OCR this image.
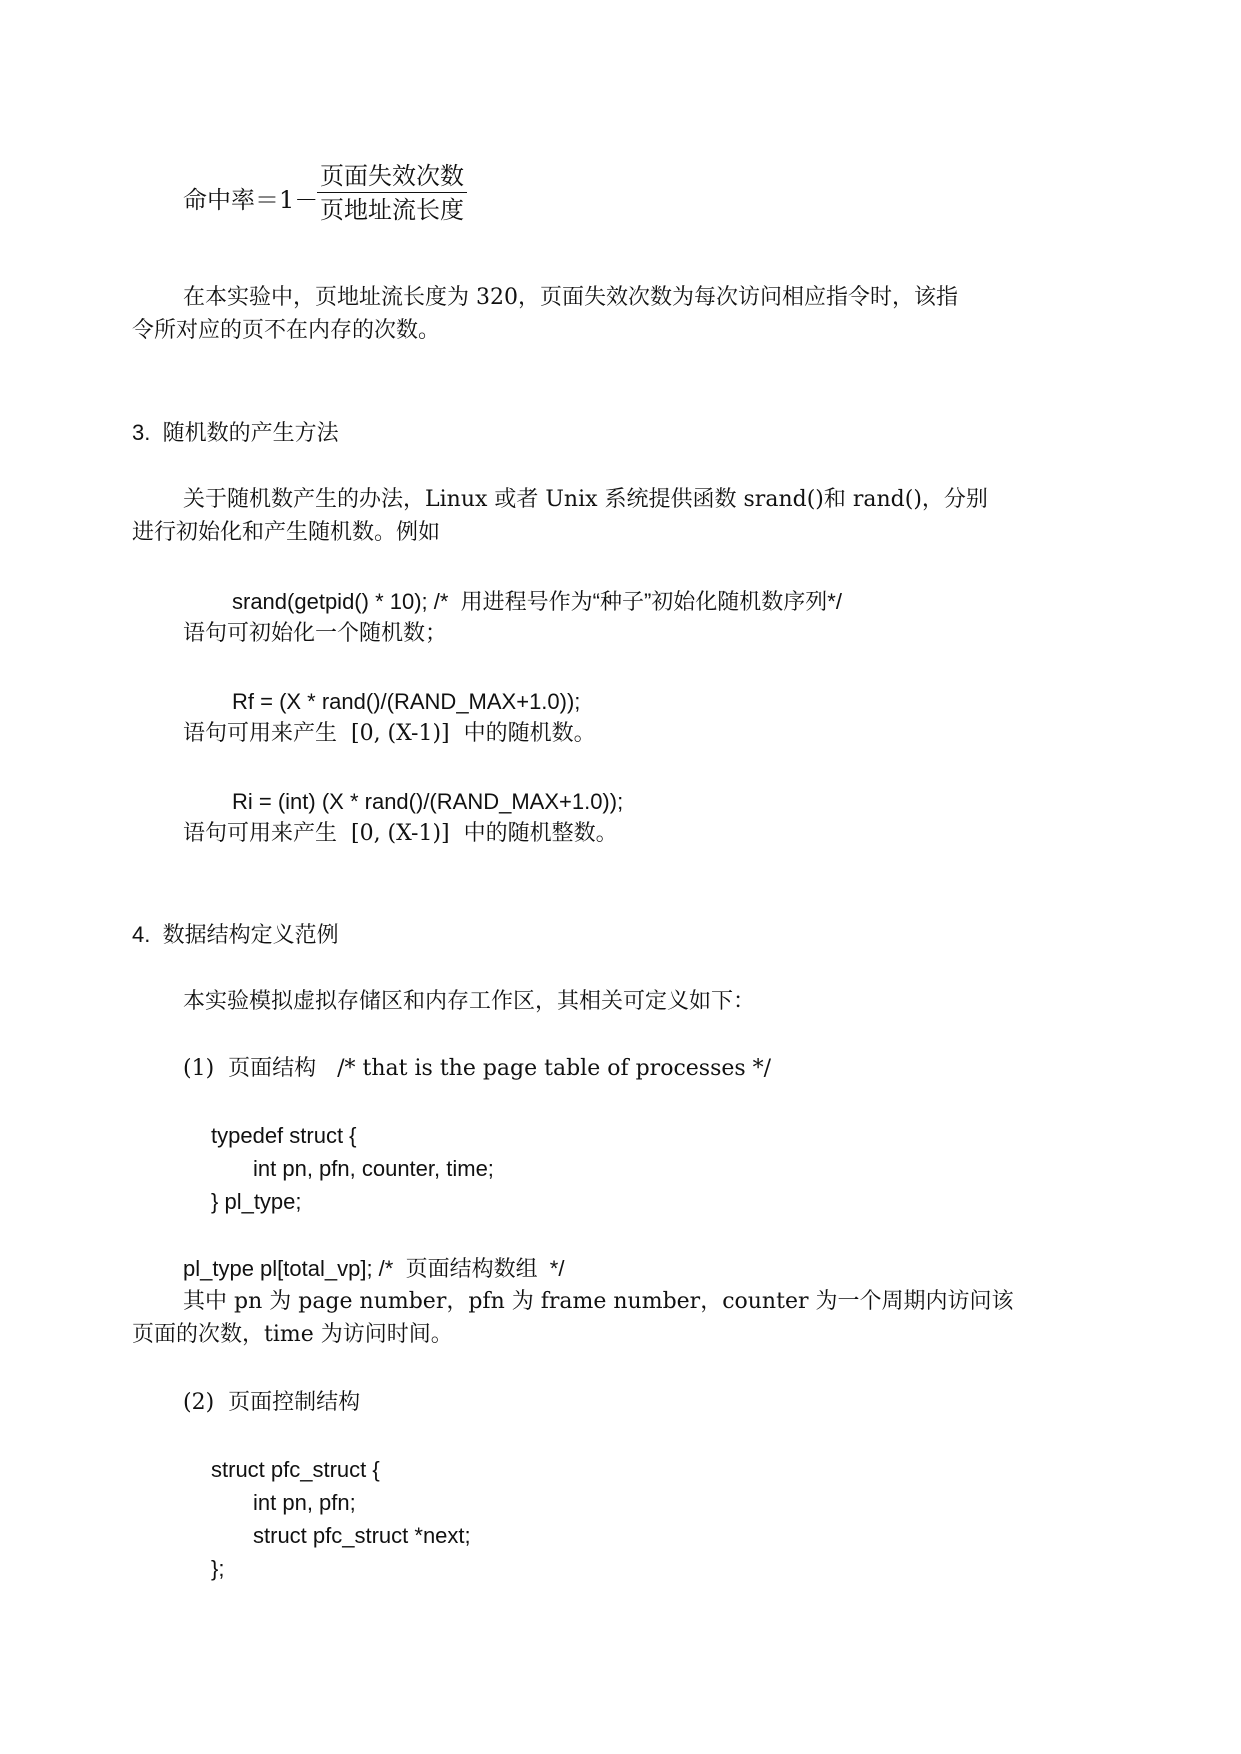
命中率＝1－
页面失效次数
页地址流长度
在本实验中，页地址流长度为 320，页面失效次数为每次访问相应指令时，该指
令所对应的页不在内存的次数。
3.  随机数的产生方法
关于随机数产生的办法，Linux 或者 Unix 系统提供函数 srand()和 rand()，分别
进行初始化和产生随机数。例如
srand(getpid() * 10); /*  用进程号作为“种子”初始化随机数序列*/
语句可初始化一个随机数；
Rf = (X * rand()/(RAND_MAX+1.0));
语句可用来产生  [0, (X-1)]  中的随机数。
Ri = (int) (X * rand()/(RAND_MAX+1.0));
语句可用来产生  [0, (X-1)]  中的随机整数。
4.  数据结构定义范例
本实验模拟虚拟存储区和内存工作区，其相关可定义如下：
(1)  页面结构   /* that is the page table of processes */
typedef struct {
int pn, pfn, counter, time;
} pl_type;
pl_type pl[total_vp]; /*  页面结构数组  */
其中 pn 为 page number，pfn 为 frame number，counter 为一个周期内访问该
页面的次数，time 为访问时间。
(2)  页面控制结构
struct pfc_struct {
int pn, pfn;
struct pfc_struct *next;
};
